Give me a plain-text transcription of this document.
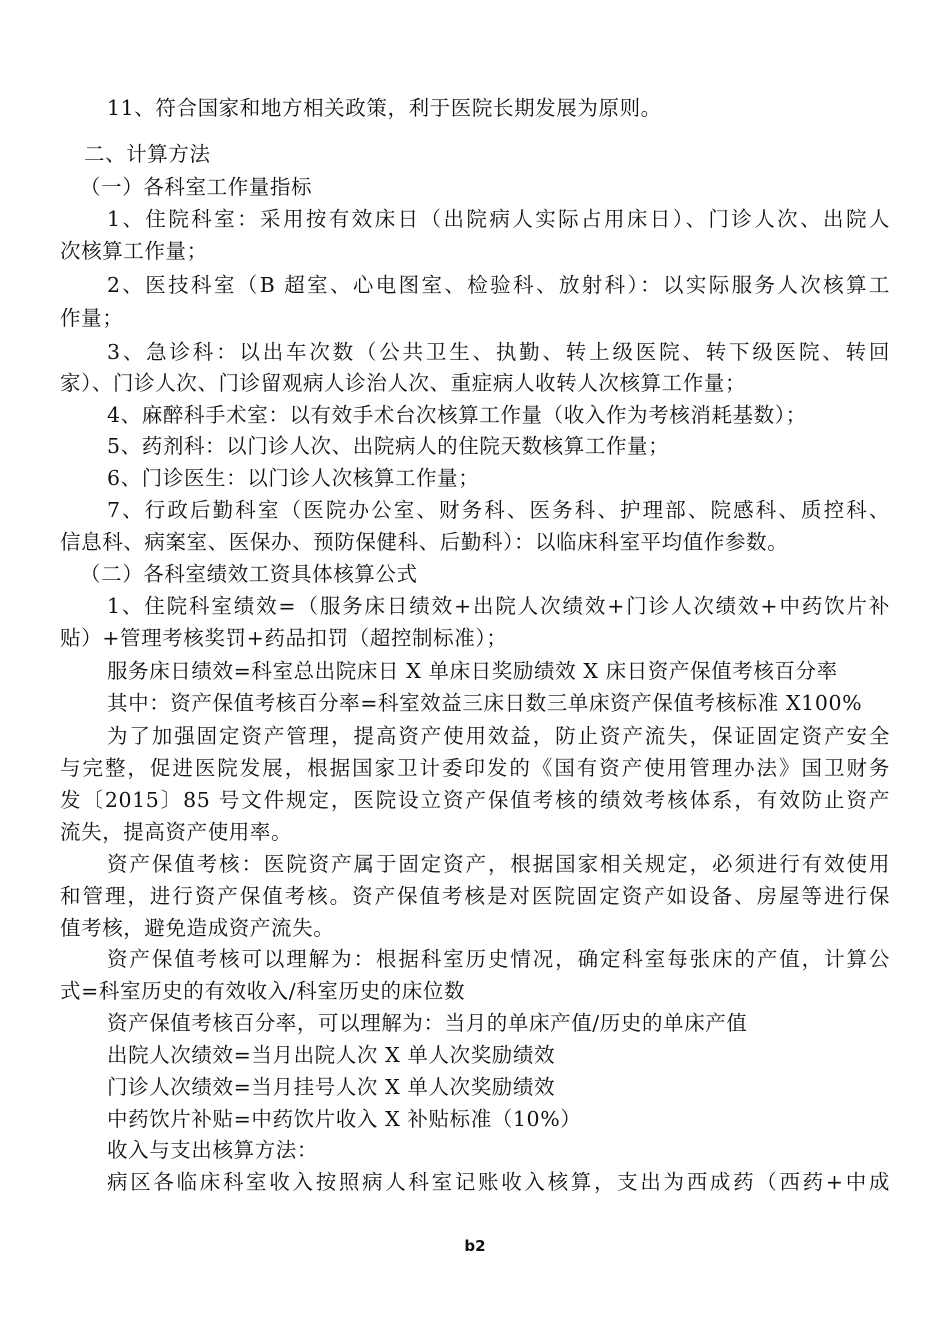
11、符合国家和地方相关政策，利于医院长期发展为原则。
二、计算方法
（一）各科室工作量指标
1、住院科室：采用按有效床日（出院病人实际占用床日）、门诊人次、出院人
次核算工作量；
2、医技科室（B 超室、心电图室、检验科、放射科）：以实际服务人次核算工
作量；
3、急诊科：以出车次数（公共卫生、执勤、转上级医院、转下级医院、转回
家）、门诊人次、门诊留观病人诊治人次、重症病人收转人次核算工作量；
4、麻醉科手术室：以有效手术台次核算工作量（收入作为考核消耗基数）；
5、药剂科：以门诊人次、出院病人的住院天数核算工作量；
6、门诊医生：以门诊人次核算工作量；
7、行政后勤科室（医院办公室、财务科、医务科、护理部、院感科、质控科、
信息科、病案室、医保办、预防保健科、后勤科）：以临床科室平均值作参数。
（二）各科室绩效工资具体核算公式
1、住院科室绩效=（服务床日绩效+出院人次绩效+门诊人次绩效+中药饮片补
贴）+管理考核奖罚+药品扣罚（超控制标准）；
服务床日绩效=科室总出院床日 X 单床日奖励绩效 X 床日资产保值考核百分率
其中：资产保值考核百分率=科室效益三床日数三单床资产保值考核标准 X100%
为了加强固定资产管理，提高资产使用效益，防止资产流失，保证固定资产安全
与完整，促进医院发展，根据国家卫计委印发的《国有资产使用管理办法》国卫财务
发〔2015〕85 号文件规定，医院设立资产保值考核的绩效考核体系，有效防止资产
流失，提高资产使用率。
资产保值考核：医院资产属于固定资产，根据国家相关规定，必须进行有效使用
和管理，进行资产保值考核。资产保值考核是对医院固定资产如设备、房屋等进行保
值考核，避免造成资产流失。
资产保值考核可以理解为：根据科室历史情况，确定科室每张床的产值，计算公
式=科室历史的有效收入/科室历史的床位数
资产保值考核百分率，可以理解为：当月的单床产值/历史的单床产值
出院人次绩效=当月出院人次 X 单人次奖励绩效
门诊人次绩效=当月挂号人次 X 单人次奖励绩效
中药饮片补贴=中药饮片收入 X 补贴标准（10%）
收入与支出核算方法：
病区各临床科室收入按照病人科室记账收入核算，支出为西成药（西药+中成
b2
